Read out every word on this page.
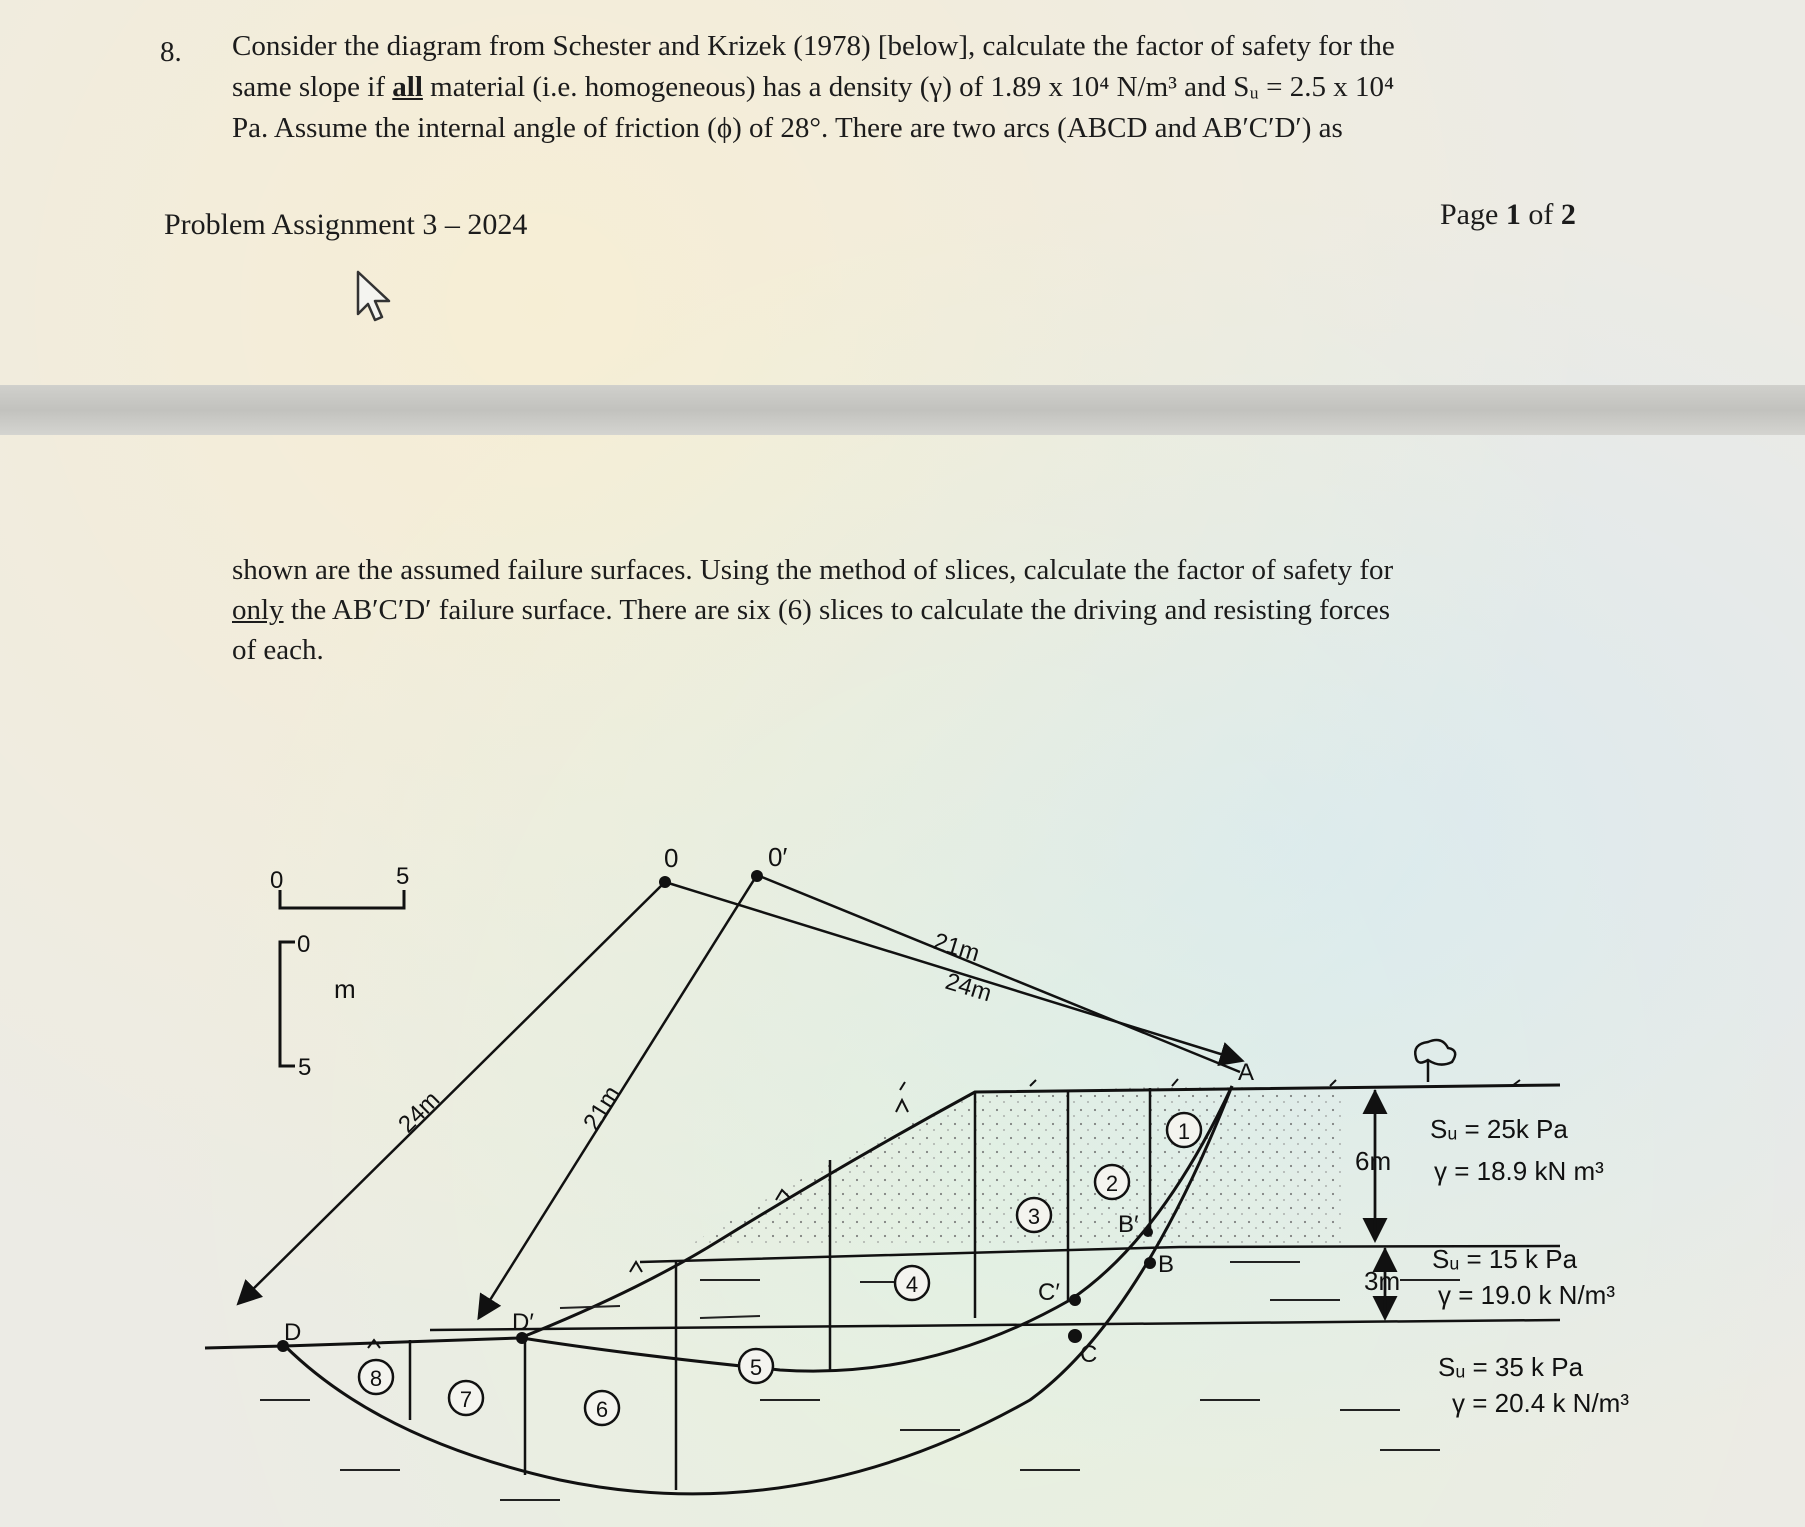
8. Consider the diagram from Schester and Krizek (1978) [below], calculate the factor of safety for the
same slope if all material (i.e. homogeneous) has a density (γ) of 1.89 x 10⁴ N/m³ and Sᵤ = 2.5 x 10⁴
Pa. Assume the internal angle of friction (ϕ) of 28°. There are two arcs (ABCD and AB′C′D′) as
Problem Assignment 3 – 2024	Page 1 of 2
shown are the assumed failure surfaces. Using the method of slices, calculate the factor of safety for
only the AB′C′D′ failure surface. There are six (6) slices to calculate the driving and resisting forces
of each.
0	5
0
5
m
0	0′
21m
24m
24m	21m
A
B
B′
C
C′
D	D′
1
2
3
4
5
6
7
8
6m
3m
Sᵤ = 25k Pa
γ = 18.9 kN m³
Sᵤ = 15 k Pa
γ = 19.0 k N/m³
Sᵤ = 35 k Pa
γ = 20.4 k N/m³
